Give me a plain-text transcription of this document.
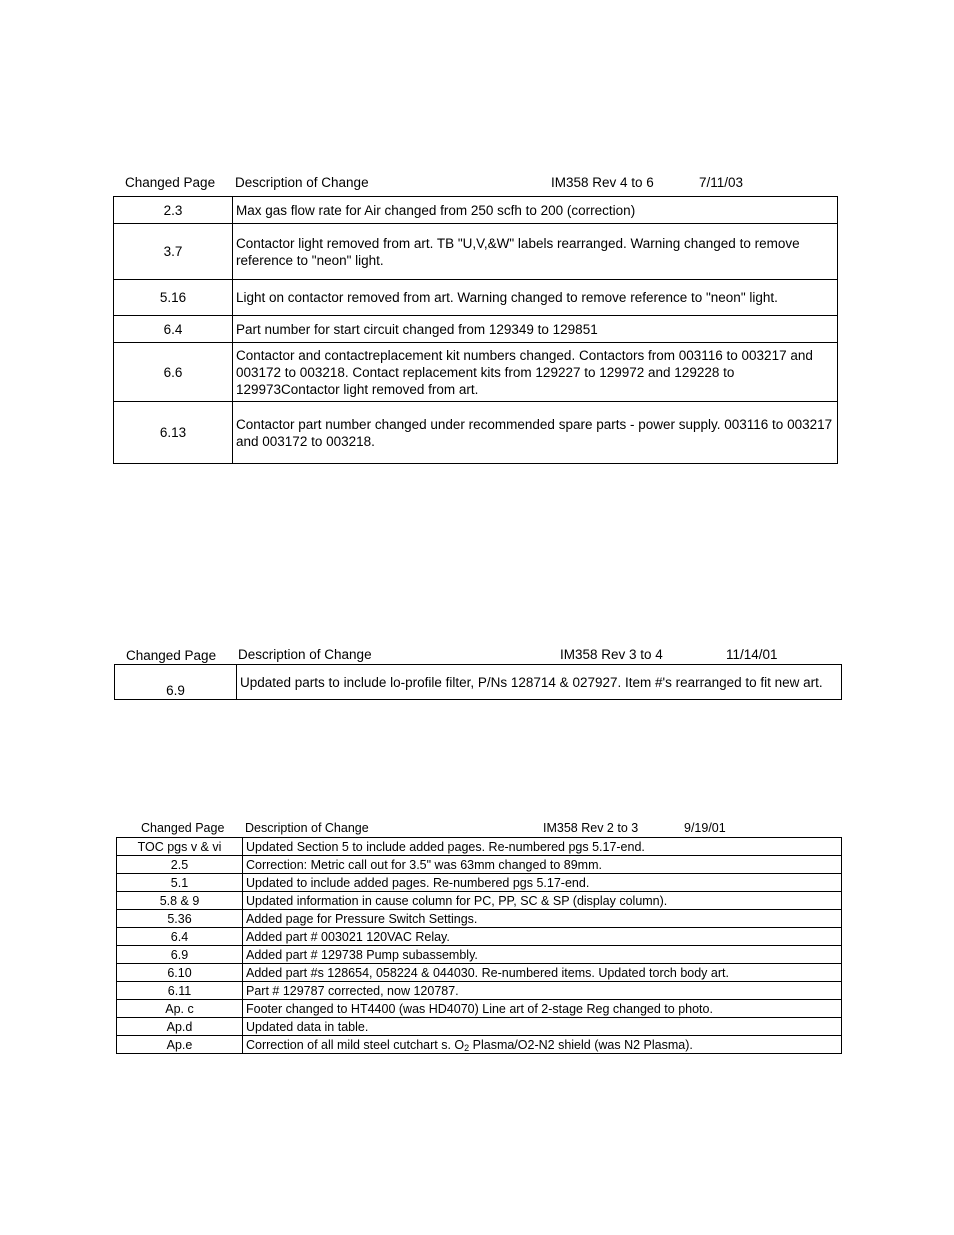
Changed Page Description of Change	IM358 Rev 4 to 6	7/11/03
2.3	Max gas flow rate for Air changed from 250 scfh to 200 (correction)
3.7	Contactor light removed from art. TB "U,V,&W" labels rearranged. Warning changed to remove reference to "neon" light.
5.16	Light on contactor removed from art. Warning changed to remove reference to "neon" light.
6.4	Part number for start circuit changed from 129349 to 129851
6.6	Contactor and contactreplacement kit numbers changed. Contactors from 003116 to 003217 and 003172 to 003218. Contact replacement kits from 129227 to 129972 and 129228 to 129973Contactor light removed from art.
6.13	Contactor part number changed under recommended spare parts - power supply. 003116 to 003217 and 003172 to 003218.
Changed Page Description of Change	IM358 Rev 3 to 4	11/14/01
6.9	Updated parts to include lo-profile filter, P/Ns 128714 & 027927. Item #'s rearranged to fit new art.
Changed Page Description of Change	IM358 Rev 2 to 3	9/19/01
TOC pgs v & vi	Updated Section 5 to include added pages. Re-numbered pgs 5.17-end.
2.5	Correction: Metric call out for 3.5" was 63mm changed to 89mm.
5.1	Updated to include added pages. Re-numbered pgs 5.17-end.
5.8 & 9	Updated information in cause column for PC, PP, SC & SP (display column).
5.36	Added page for Pressure Switch Settings.
6.4	Added part # 003021 120VAC Relay.
6.9	Added part # 129738 Pump subassembly.
6.10	Added part #s 128654, 058224 & 044030. Re-numbered items. Updated torch body art.
6.11	Part # 129787 corrected, now 120787.
Ap. c	Footer changed to HT4400 (was HD4070) Line art of 2-stage Reg changed to photo.
Ap.d	Updated data in table.
Ap.e	Correction of all mild steel cutchart s. $O_2$ Plasma/O2-N2 shield (was N2 Plasma).
